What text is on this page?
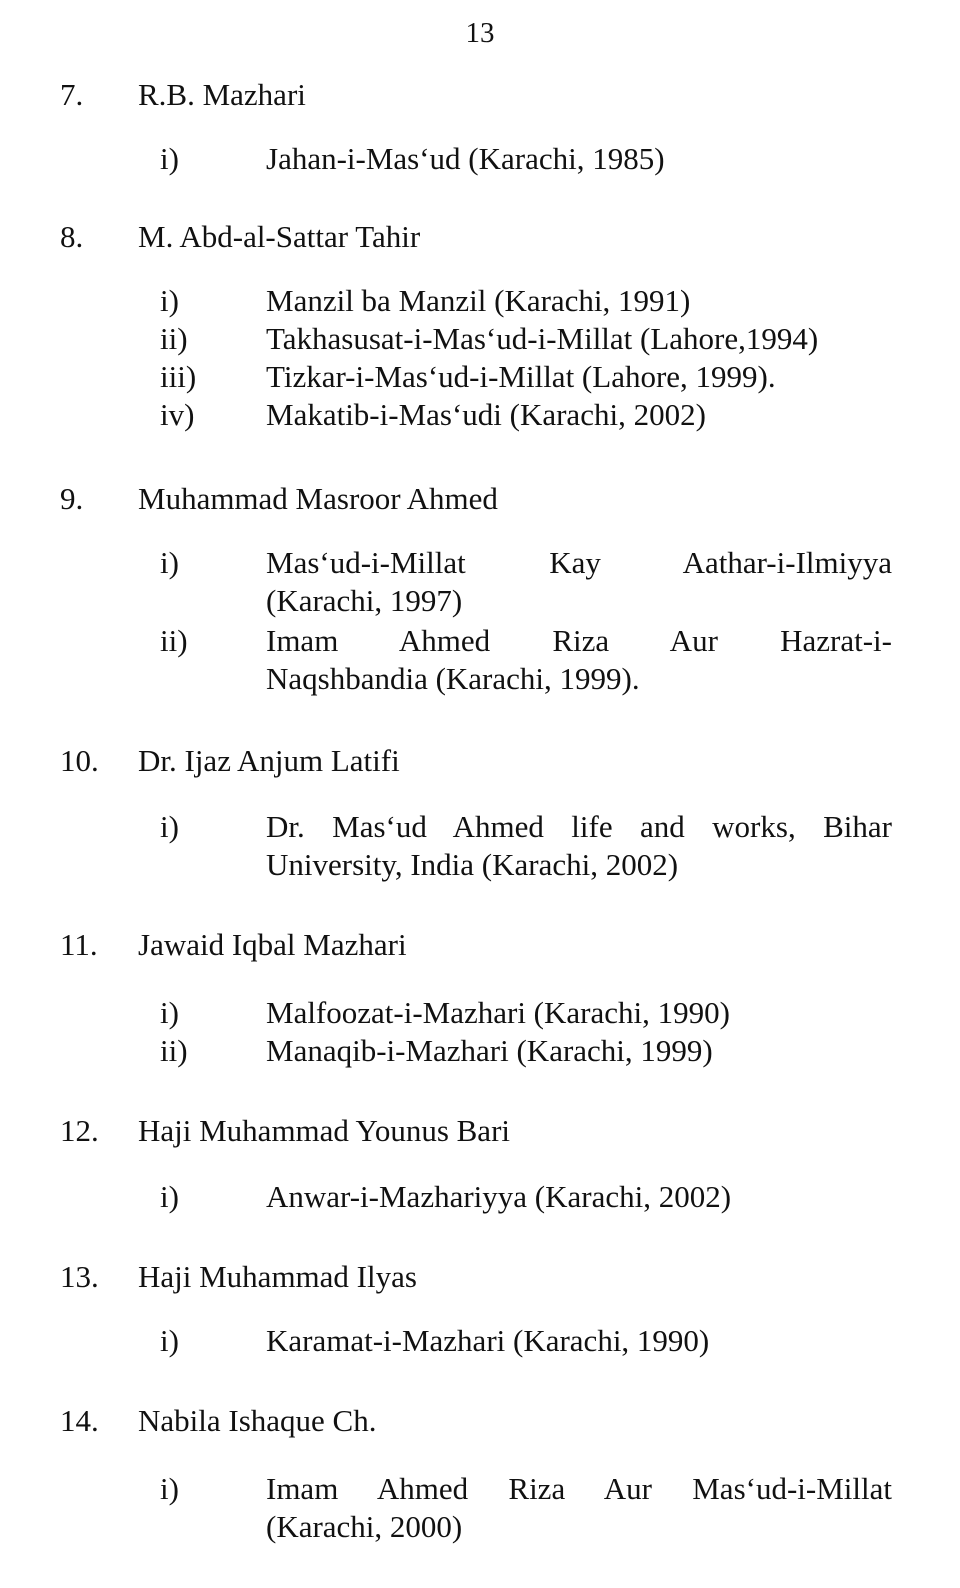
13
7. R.B. Mazhari
i)	Jahan-i-Mas‘ud (Karachi, 1985)
8. M. Abd-al-Sattar Tahir
i)	Manzil ba Manzil (Karachi, 1991)
ii)	Takhasusat-i-Mas‘ud-i-Millat (Lahore,1994)
iii) Tizkar-i-Mas‘ud-i-Millat (Lahore, 1999).
iv) Makatib-i-Mas‘udi (Karachi, 2002)
9. Muhammad Masroor Ahmed
i)	Mas‘ud-i-Millat Kay Aathar-i-Ilmiyya
(Karachi, 1997)
ii)	Imam Ahmed Riza Aur Hazrat-i-
Naqshbandia (Karachi, 1999).
10. Dr. Ijaz Anjum Latifi
i)	Dr. Mas‘ud Ahmed life and works, Bihar
University, India (Karachi, 2002)
11. Jawaid Iqbal Mazhari
i)	Malfoozat-i-Mazhari (Karachi, 1990)
ii)	Manaqib-i-Mazhari (Karachi, 1999)
12. Haji Muhammad Younus Bari
i)	Anwar-i-Mazhariyya (Karachi, 2002)
13. Haji Muhammad Ilyas
i)	Karamat-i-Mazhari (Karachi, 1990)
14. Nabila Ishaque Ch.
i)	Imam Ahmed Riza Aur Mas‘ud-i-Millat
(Karachi, 2000)
